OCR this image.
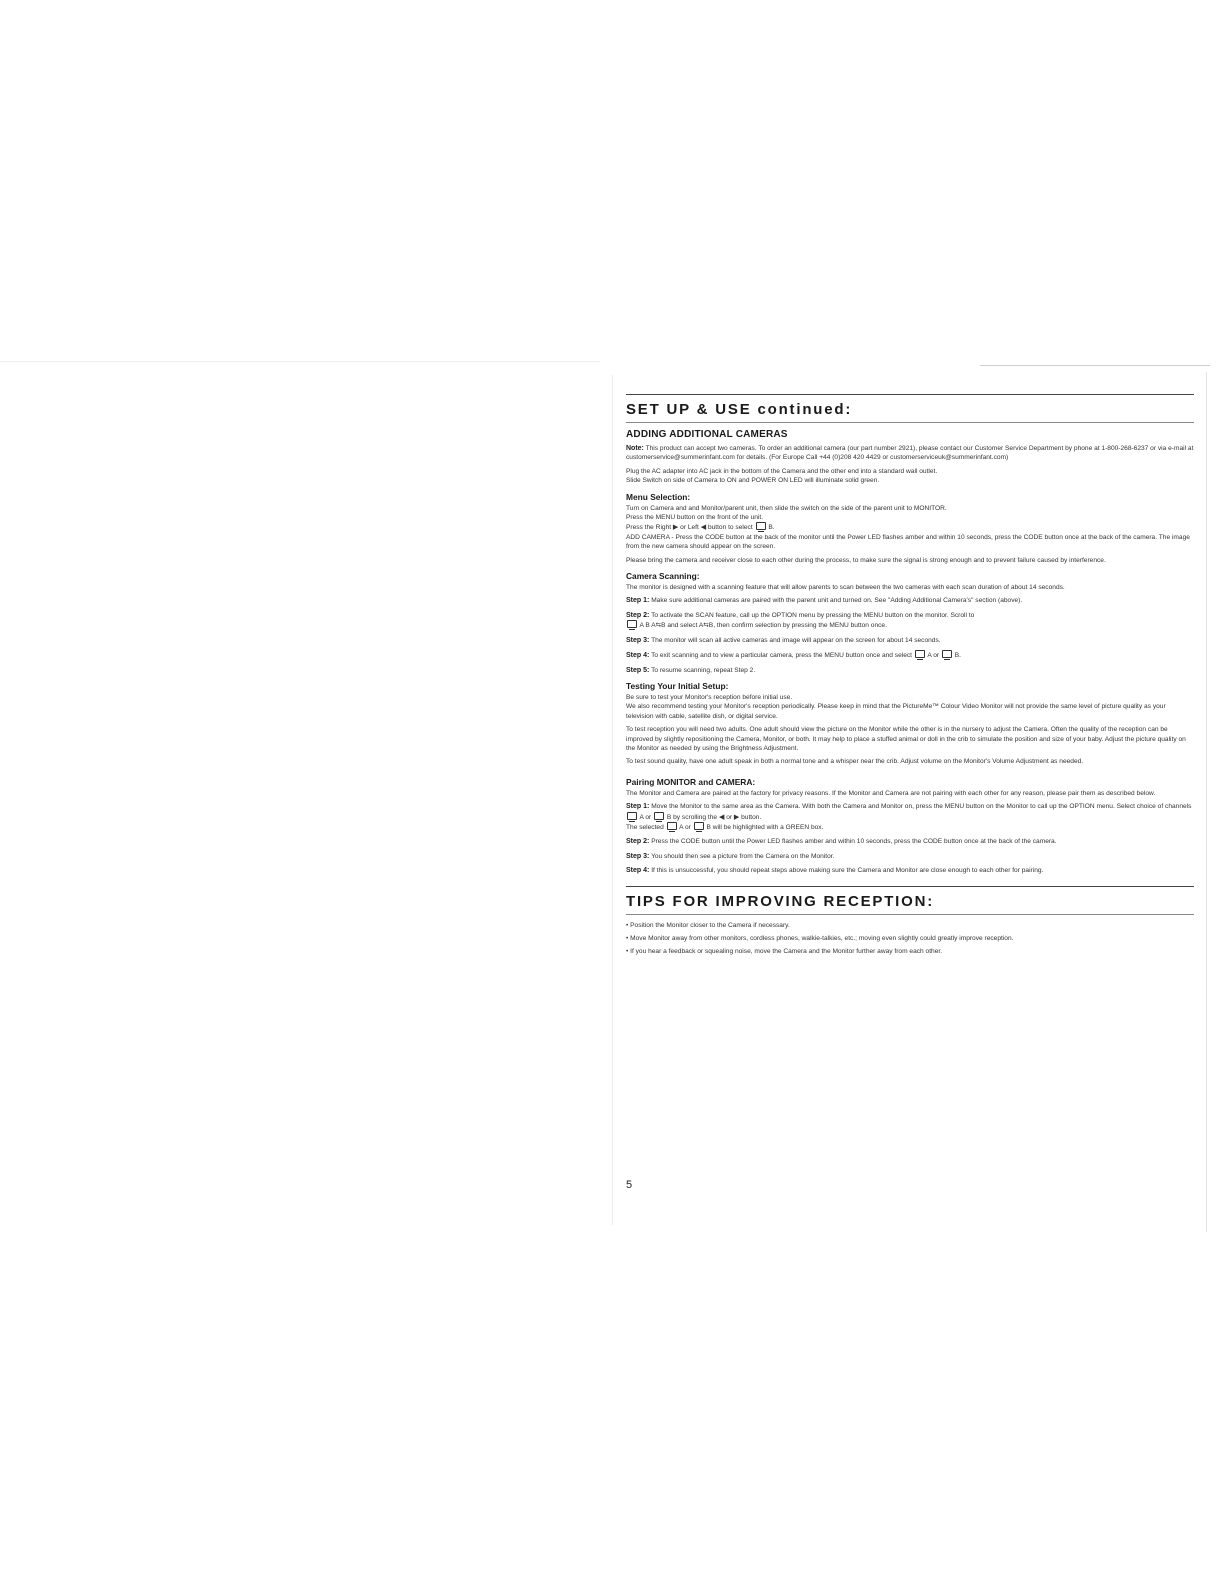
SET UP & USE continued:
ADDING ADDITIONAL CAMERAS

Note: This product can accept two cameras. To order an additional camera (our part number 2921), please contact our Customer Service Department by phone at 1-800-268-6237 or via e-mail at customerservice@summerinfant.com for details. (For Europe Call +44 (0)208 420 4429 or customerserviceuk@summerinfant.com)

Plug the AC adapter into AC jack in the bottom of the Camera and the other end into a standard wall outlet.

Slide Switch on side of Camera to ON and POWER ON LED will illuminate solid green.

Menu Selection:

Turn on Camera and and Monitor/parent unit, then slide the switch on the side of the parent unit to MONITOR.

Press the MENU button on the front of the unit.

Press the Right ▶ or Left ◀ button to select B.

ADD CAMERA - Press the CODE button at the back of the monitor until the Power LED flashes amber and within 10 seconds, press the CODE button once at the back of the camera. The image from the new camera should appear on the screen.

Please bring the camera and receiver close to each other during the process, to make sure the signal is strong enough and to prevent failure caused by interference.

Camera Scanning:

The monitor is designed with a scanning feature that will allow parents to scan between the two cameras with each scan duration of about 14 seconds.

Step 1: Make sure additional cameras are paired with the parent unit and turned on. See "Adding Additional Camera's" section (above).

Step 2: To activate the SCAN feature, call up the OPTION menu by pressing the MENU button on the monitor. Scroll to
A B A⇆B and select A⇆B, then confirm selection by pressing the MENU button once.

Step 3: The monitor will scan all active cameras and image will appear on the screen for about 14 seconds.

Step 4: To exit scanning and to view a particular camera, press the MENU button once and select A or B.

Step 5: To resume scanning, repeat Step 2.

Testing Your Initial Setup:

Be sure to test your Monitor's reception before initial use.

We also recommend testing your Monitor's reception periodically. Please keep in mind that the PictureMe™ Colour Video Monitor will not provide the same level of picture quality as your television with cable, satellite dish, or digital service.

To test reception you will need two adults. One adult should view the picture on the Monitor while the other is in the nursery to adjust the Camera. Often the quality of the reception can be improved by slightly repositioning the Camera, Monitor, or both. It may help to place a stuffed animal or doll in the crib to simulate the position and size of your baby. Adjust the picture quality on the Monitor as needed by using the Brightness Adjustment.

To test sound quality, have one adult speak in both a normal tone and a whisper near the crib. Adjust volume on the Monitor's Volume Adjustment as needed.

Pairing MONITOR and CAMERA:

The Monitor and Camera are paired at the factory for privacy reasons. If the Monitor and Camera are not pairing with each other for any reason, please pair them as described below.

Step 1: Move the Monitor to the same area as the Camera. With both the Camera and Monitor on, press the MENU button on the Monitor to call up the OPTION menu. Select choice of channels  A or B by scrolling the ◀ or ▶ button.
The selected A or B will be highlighted with a GREEN box.

Step 2: Press the CODE button until the Power LED flashes amber and within 10 seconds, press the CODE button once at the back of the camera.

Step 3: You should then see a picture from the Camera on the Monitor.

Step 4: If this is unsuccessful, you should repeat steps above making sure the Camera and Monitor are close enough to each other for pairing.

TIPS FOR IMPROVING RECEPTION:
• Position the Monitor closer to the Camera if necessary.
• Move Monitor away from other monitors, cordless phones, walkie-talkies, etc.; moving even slightly could greatly improve reception.
• If you hear a feedback or squealing noise, move the Camera and the Monitor further away from each other.
5
